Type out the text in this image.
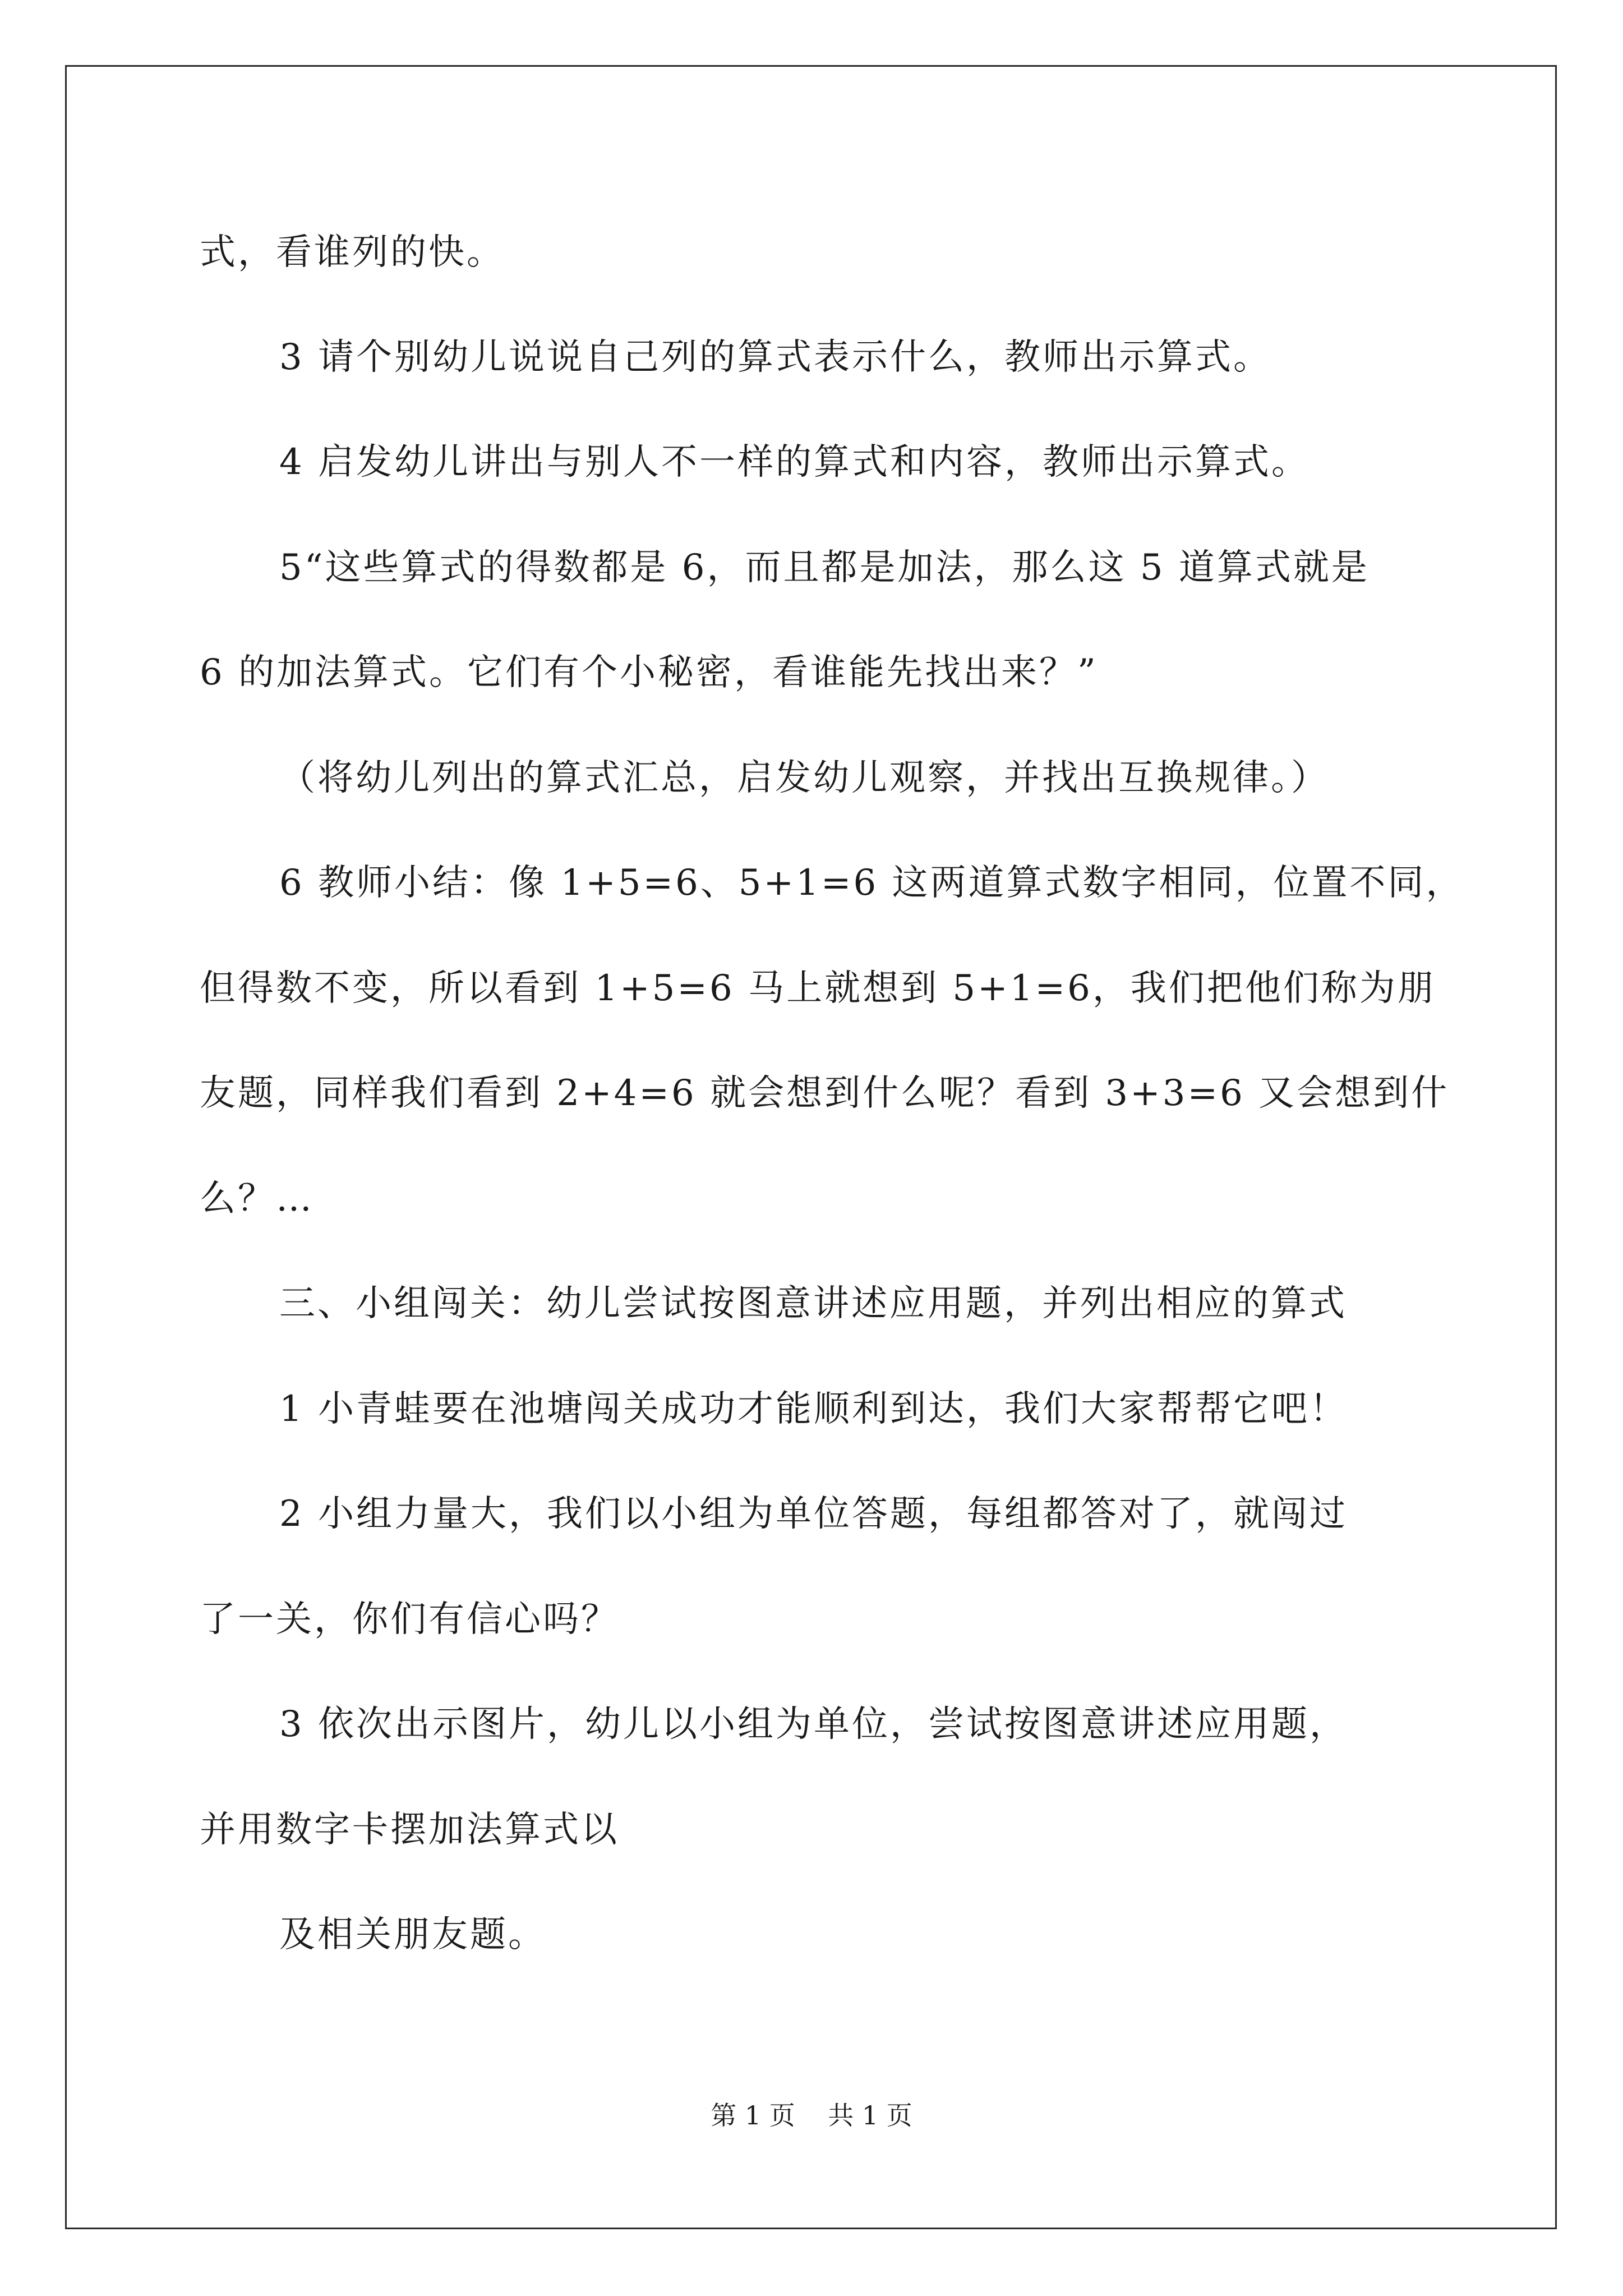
式，看谁列的快。
3 请个别幼儿说说自己列的算式表示什么，教师出示算式。
4 启发幼儿讲出与别人不一样的算式和内容，教师出示算式。
5“这些算式的得数都是 6，而且都是加法，那么这 5 道算式就是
6 的加法算式。它们有个小秘密，看谁能先找出来？”
（将幼儿列出的算式汇总，启发幼儿观察，并找出互换规律。）
6 教师小结：像 1+5=6、5+1=6 这两道算式数字相同，位置不同，
但得数不变，所以看到 1+5=6 马上就想到 5+1=6，我们把他们称为朋
友题，同样我们看到 2+4=6 就会想到什么呢？看到 3+3=6 又会想到什
么？…
三、小组闯关：幼儿尝试按图意讲述应用题，并列出相应的算式
1 小青蛙要在池塘闯关成功才能顺利到达，我们大家帮帮它吧！
2 小组力量大，我们以小组为单位答题，每组都答对了，就闯过
了一关，你们有信心吗？
3 依次出示图片，幼儿以小组为单位，尝试按图意讲述应用题，
并用数字卡摆加法算式以
及相关朋友题。
第 1 页    共 1 页
